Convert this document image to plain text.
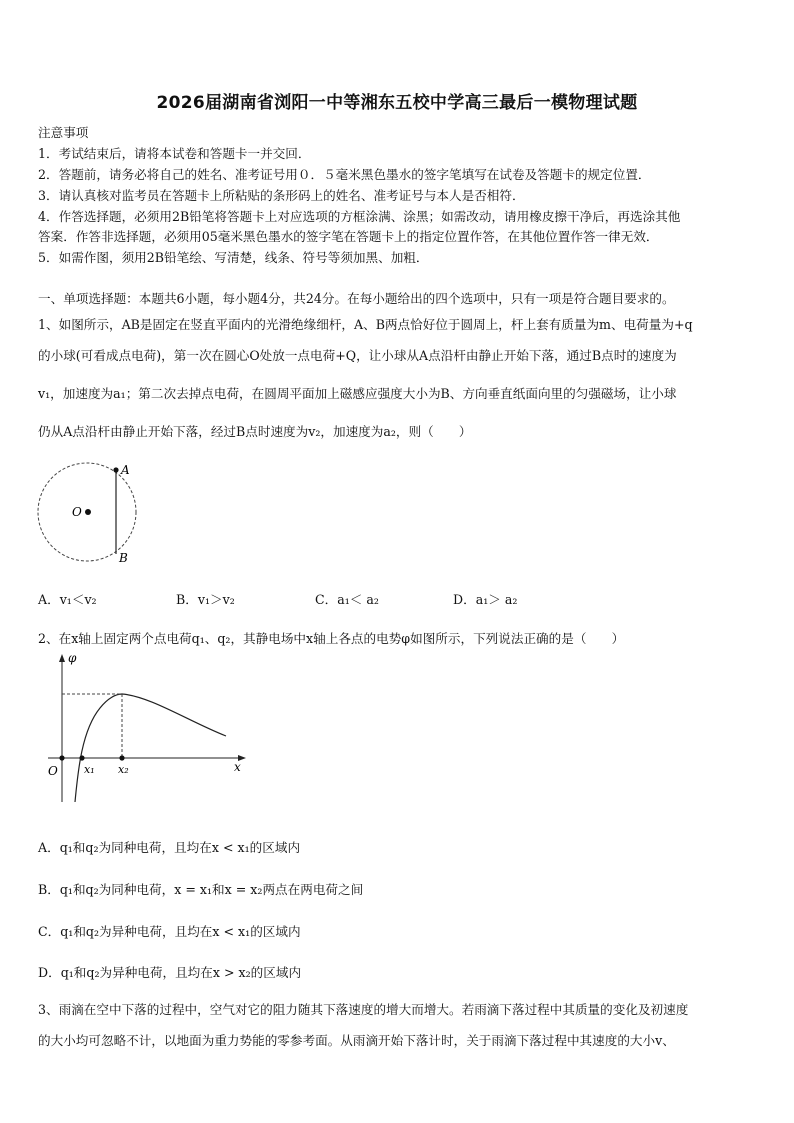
2026届湖南省浏阳一中等湘东五校中学高三最后一模物理试题
注意事项
1．考试结束后，请将本试卷和答题卡一并交回．
2．答题前，请务必将自己的姓名、准考证号用０．５毫米黑色墨水的签字笔填写在试卷及答题卡的规定位置．
3．请认真核对监考员在答题卡上所粘贴的条形码上的姓名、准考证号与本人是否相符．
4．作答选择题，必须用2B铅笔将答题卡上对应选项的方框涂满、涂黑；如需改动，请用橡皮擦干净后，再选涂其他
答案．作答非选择题，必须用05毫米黑色墨水的签字笔在答题卡上的指定位置作答，在其他位置作答一律无效．
5．如需作图，须用2B铅笔绘、写清楚，线条、符号等须加黑、加粗．
一、单项选择题：本题共6小题，每小题4分，共24分。在每小题给出的四个选项中，只有一项是符合题目要求的。
1、如图所示，AB是固定在竖直平面内的光滑绝缘细杆，A、B两点恰好位于圆周上，杆上套有质量为m、电荷量为+q
的小球(可看成点电荷)，第一次在圆心O处放一点电荷+Q，让小球从A点沿杆由静止开始下落，通过B点时的速度为
v₁，加速度为a₁；第二次去掉点电荷，在圆周平面加上磁感应强度大小为B、方向垂直纸面向里的匀强磁场，让小球
仍从A点沿杆由静止开始下落，经过B点时速度为v₂，加速度为a₂，则（　　）
A
B
O
A．v₁＜v₂	B．v₁＞v₂	C．a₁＜ a₂	D．a₁＞ a₂
2、在x轴上固定两个点电荷q₁、q₂，其静电场中x轴上各点的电势φ如图所示，下列说法正确的是（　　）
φ
x
O x₁ x₂
A．q₁和q₂为同种电荷，且均在x < x₁的区域内
B．q₁和q₂为同种电荷，x = x₁和x = x₂两点在两电荷之间
C．q₁和q₂为异种电荷，且均在x < x₁的区域内
D．q₁和q₂为异种电荷，且均在x > x₂的区域内
3、雨滴在空中下落的过程中，空气对它的阻力随其下落速度的增大而增大。若雨滴下落过程中其质量的变化及初速度
的大小均可忽略不计，以地面为重力势能的零参考面。从雨滴开始下落计时，关于雨滴下落过程中其速度的大小v、
